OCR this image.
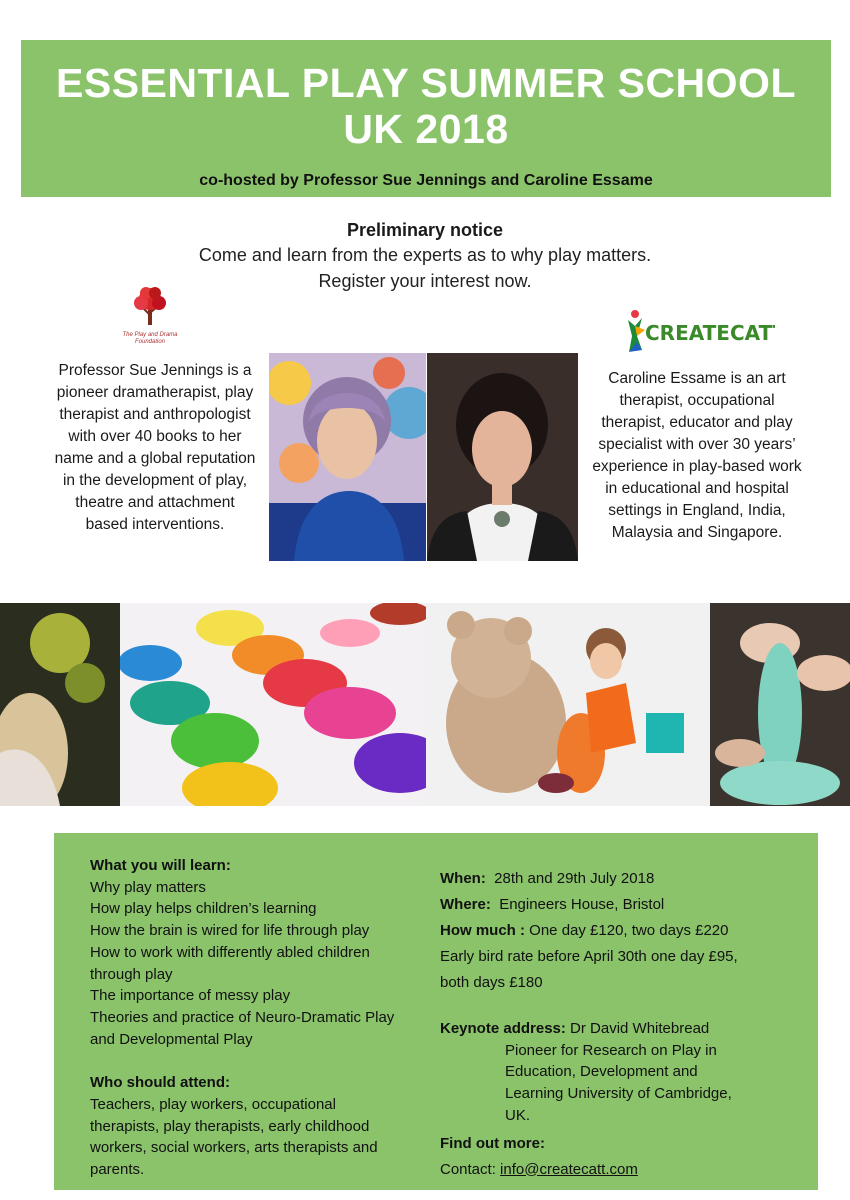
ESSENTIAL PLAY SUMMER SCHOOL
UK 2018
co-hosted by Professor Sue Jennings and Caroline Essame
Preliminary notice
Come and learn from the experts as to why play matters.
Register your interest now.
The Play and Drama
Foundation	CREATECATT
Professor Sue Jennings is a
pioneer dramatherapist, play
therapist and anthropologist
with over 40 books to her
name and a global reputation
in the development of play,
theatre and attachment
based interventions.
Caroline Essame is an art
therapist, occupational
therapist, educator and play
specialist with over 30 years’
experience in play-based work
in educational and hospital
settings in England, India,
Malaysia and Singapore.
What you will learn:
Why play matters
How play helps children’s learning
How the brain is wired for life through play
How to work with differently abled children
through play
The importance of messy play
Theories and practice of Neuro-Dramatic Play
and Developmental Play
Who should attend:
Teachers, play workers, occupational
therapists, play therapists, early childhood
workers, social workers, arts therapists and
parents.
When: 28th and 29th July 2018
Where: Engineers House, Bristol
How much : One day £120, two days £220
Early bird rate before April 30th one day £95,
both days £180
Keynote address: Dr David Whitebread
Pioneer for Research on Play in
Education, Development and
Learning University of Cambridge,
UK.
Find out more:
Contact: info@createcatt.com
